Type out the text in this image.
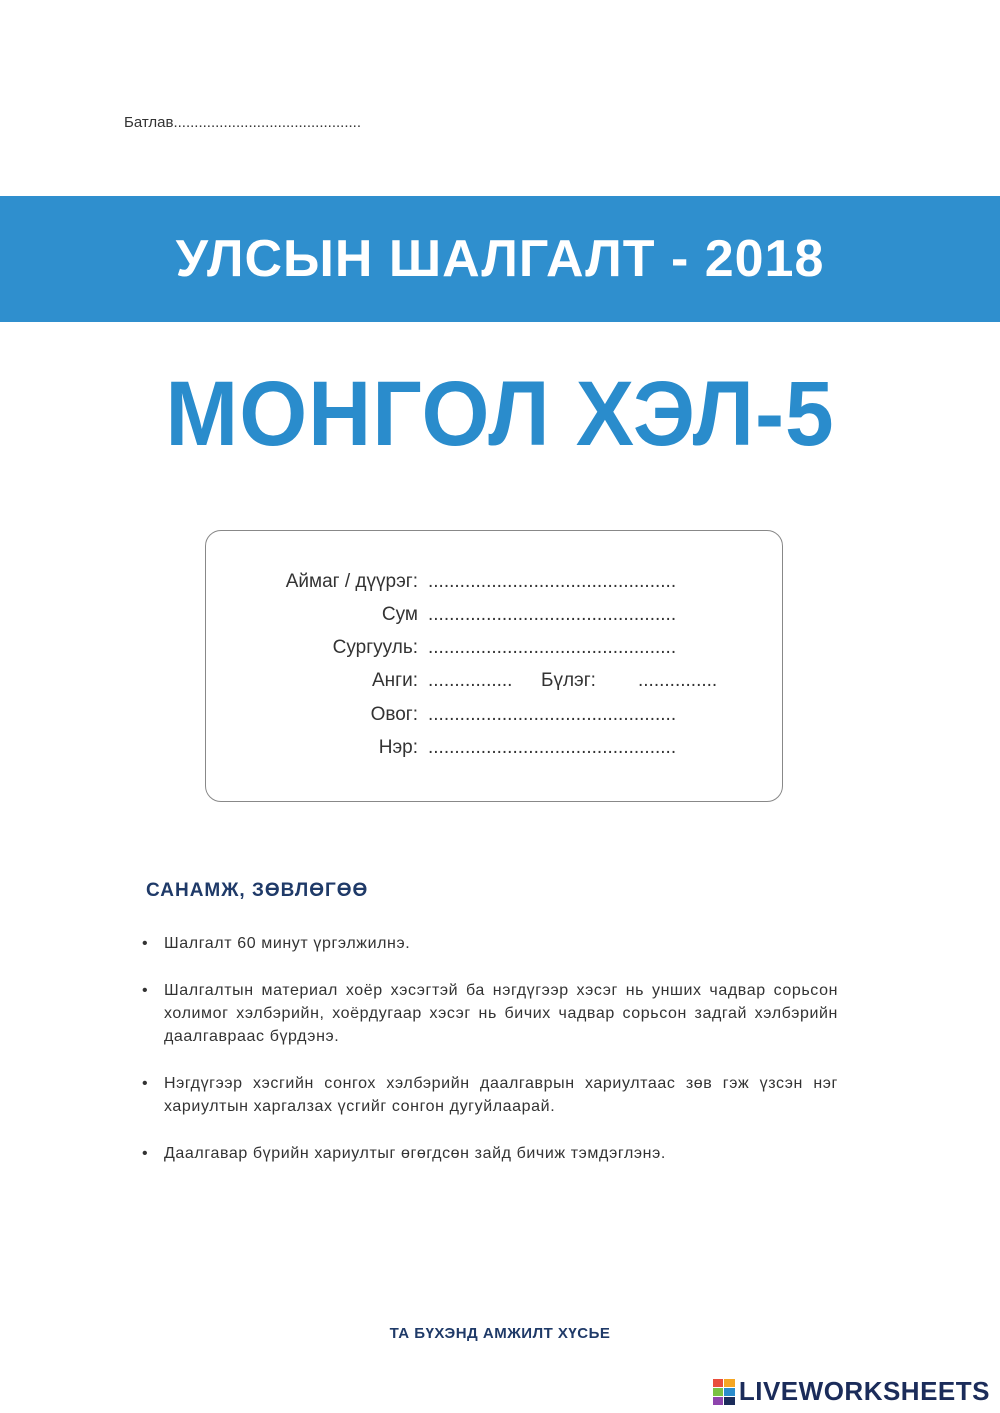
Батлав.............................................
УЛСЫН ШАЛГАЛТ - 2018
МОНГОЛ ХЭЛ-5
Аймаг / дүүрэг: ...............................................
Сум ...............................................
Сургууль: ...............................................
Анги: ................ Бүлэг: ...............
Овог: ...............................................
Нэр: ...............................................
САНАМЖ, ЗӨВЛӨГӨӨ
• Шалгалт 60 минут үргэлжилнэ.
• Шалгалтын материал хоёр хэсэгтэй ба нэгдүгээр хэсэг нь унших чадвар сорьсон холимог хэлбэрийн, хоёрдугаар хэсэг нь бичих чадвар сорьсон задгай хэлбэрийн даалгавраас бүрдэнэ.
• Нэгдүгээр хэсгийн сонгох хэлбэрийн даалгаврын хариултаас зөв гэж үзсэн нэг хариултын харгалзах үсгийг сонгон дугуйлаарай.
• Даалгавар бүрийн хариултыг өгөгдсөн зайд бичиж тэмдэглэнэ.
ТА БҮХЭНД АМЖИЛТ ХҮСЬЕ
LIVEWORKSHEETS
